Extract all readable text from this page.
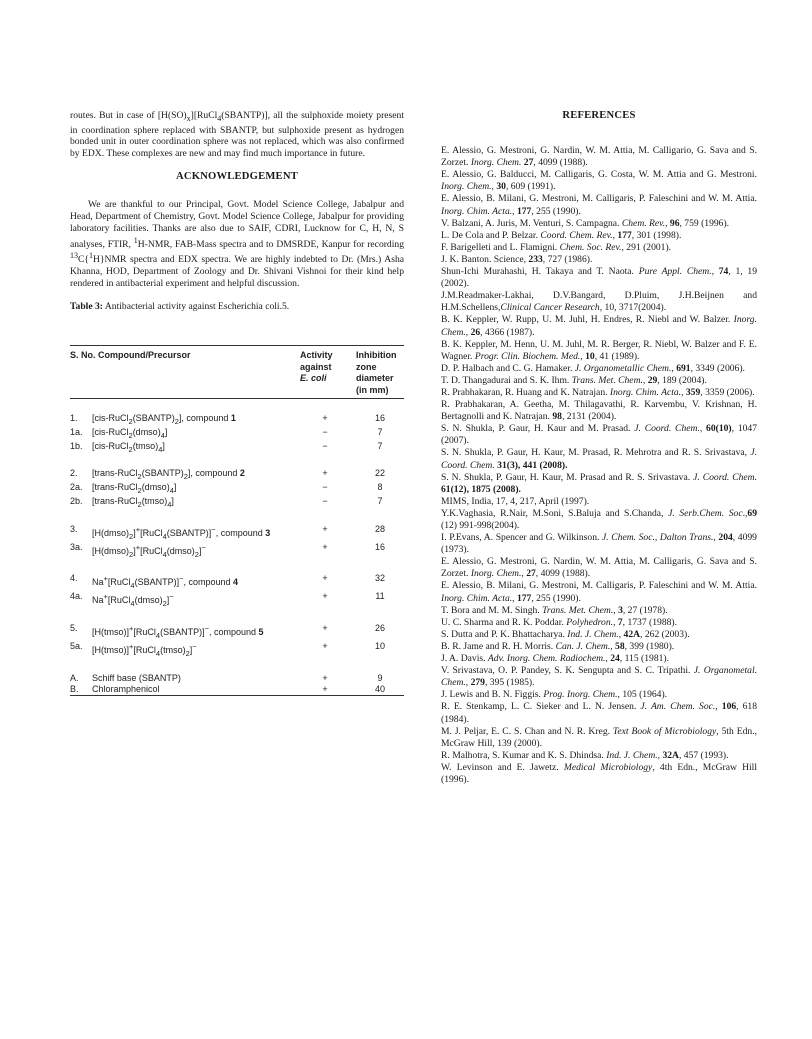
routes. But in case of $[H(SO)_x][RuCl_4(SBANTP)]$, all the sulphoxide moiety present in coordination sphere replaced with SBANTP, but sulphoxide present as hydrogen bonded unit in outer coordination sphere was not replaced, which was also confirmed by EDX. These complexes are new and may find much importance in future.

ACKNOWLEDGEMENT

We are thankful to our Principal, Govt. Model Science College, Jabalpur and Head, Department of Chemistry, Govt. Model Science College, Jabalpur for providing laboratory facilities. Thanks are also due to SAIF, CDRI, Lucknow for C, H, N, S analyses, FTIR, $^1$H-NMR, FAB-Mass spectra and to DMSRDE, Kanpur for recording $^{13}$C{$^1$H}NMR spectra and EDX spectra. We are highly indebted to Dr. (Mrs.) Asha Khanna, HOD, Department of Zoology and Dr. Shivani Vishnoi for their kind help rendered in antibacterial experiment and helpful discussion.

Table 3: Antibacterial activity against Escherichia coli.5.

S. No. Compound/Precursor		Activity
against
E. coli	Inhibition
zone
diameter
(in mm)

1.	$[cis-RuCl_2(SBANTP)_2]$, compound 1	+	16
1a.	$[cis-RuCl_2(dmso)_4]$	−	7
1b.	$[cis-RuCl_2(tmso)_4]$	−	7

2.	$[trans-RuCl_2(SBANTP)_2]$, compound 2	+	22
2a.	$[trans-RuCl_2(dmso)_4]$	−	8
2b.	$[trans-RuCl_2(tmso)_4]$	−	7

3.	$[H(dmso)_2]^+[RuCl_4(SBANTP)]^-$, compound 3	+	28
3a.	$[H(dmso)_2]^+[RuCl_4(dmso)_2]^-$	+	16

4.	Na+[RuCl$_4$(SBANTP)]−, compound 4	+	32
4a.	$Na^+[RuCl_4(dmso)_2]^-$	+	11

5.	[H(tmso)]+[RuCl$_4$(SBANTP)]−, compound 5	+	26
5a.	$[H(tmso)]^+[RuCl_4(tmso)_2]^-$	+	10

A.	Schiff base (SBANTP)	+	9
B.	Chloramphenicol	+	40
REFERENCES
E. Alessio, G. Mestroni, G. Nardin, W. M. Attia, M. Calligario, G. Sava and S. Zorzet. Inorg. Chem. 27, 4099 (1988).
E. Alessio, G. Balducci, M. Calligaris, G. Costa, W. M. Attia and G. Mestroni. Inorg. Chem., 30, 609 (1991).
E. Alessio, B. Milani, G. Mestroni, M. Calligaris, P. Faleschini and W. M. Attia. Inorg. Chim. Acta., 177, 255 (1990).
V. Balzani, A. Juris, M. Venturi, S. Campagna. Chem. Rev., 96, 759 (1996).
L. De Cola and P. Belzar. Coord. Chem. Rev., 177, 301 (1998).
F. Barigelleti and L. Flamigni. Chem. Soc. Rev., 291 (2001).
J. K. Banton. Science, 233, 727 (1986).
Shun-Ichi Murahashi, H. Takaya and T. Naota. Pure Appl. Chem., 74, 1, 19 (2002).
J.M.Readmaker-Lakhai, D.V.Bangard, D.Pluim, J.H.Beijnen and H.M.Schellens,Clinical Cancer Research, 10, 3717(2004).
B. K. Keppler, W. Rupp, U. M. Juhl, H. Endres, R. Niebl and W. Balzer. Inorg. Chem., 26, 4366 (1987).
B. K. Keppler, M. Henn, U. M. Juhl, M. R. Berger, R. Niebl, W. Balzer and F. E. Wagner. Progr. Clin. Biochem. Med., 10, 41 (1989).
D. P. Halbach and C. G. Hamaker. J. Organometallic Chem., 691, 3349 (2006).
T. D. Thangadurai and S. K. Ihm. Trans. Met. Chem., 29, 189 (2004).
R. Prabhakaran, R. Huang and K. Natrajan. Inorg. Chim. Acta., 359, 3359 (2006).
R. Prabhakaran, A. Geetha, M. Thilagavathi, R. Karvembu, V. Krishnan, H. Bertagnolli and K. Natrajan. 98, 2131 (2004).
S. N. Shukla, P. Gaur, H. Kaur and M. Prasad. J. Coord. Chem., 60(10), 1047 (2007).
S. N. Shukla, P. Gaur, H. Kaur, M. Prasad, R. Mehrotra and R. S. Srivastava, J. Coord. Chem. 31(3), 441 (2008).
S. N. Shukla, P. Gaur, H. Kaur, M. Prasad and R. S. Srivastava. J. Coord. Chem. 61(12), 1875 (2008).
MIMS, India, 17, 4, 217, April (1997).
Y.K.Vaghasia, R.Nair, M.Soni, S.Baluja and S.Chanda, J. Serb.Chem. Soc.,69 (12) 991-998(2004).
I. P.Evans, A. Spencer and G. Wilkinson. J. Chem. Soc., Dalton Trans., 204, 4099 (1973).
E. Alessio, G. Mestroni, G. Nardin, W. M. Attia, M. Calligaris, G. Sava and S. Zorzet. Inorg. Chem., 27, 4099 (1988).
E. Alessio, B. Milani, G. Mestroni, M. Calligaris, P. Faleschini and W. M. Attia. Inorg. Chim. Acta., 177, 255 (1990).
T. Bora and M. M. Singh. Trans. Met. Chem., 3, 27 (1978).
U. C. Sharma and R. K. Poddar. Polyhedron., 7, 1737 (1988).
S. Dutta and P. K. Bhattacharya. Ind. J. Chem., 42A, 262 (2003).
B. R. Jame and R. H. Morris. Can. J. Chem., 58, 399 (1980).
J. A. Davis. Adv. Inorg. Chem. Radiochem., 24, 115 (1981).
V. Srivastava, O. P. Pandey, S. K. Sengupta and S. C. Tripathi. J. Organometal. Chem., 279, 395 (1985).
J. Lewis and B. N. Figgis. Prog. Inorg. Chem., 105 (1964).
R. E. Stenkamp, L. C. Sieker and L. N. Jensen. J. Am. Chem. Soc., 106, 618 (1984).
M. J. Peljar, E. C. S. Chan and N. R. Kreg. Text Book of Microbiology, 5th Edn., McGraw Hill, 139 (2000).
R. Malhotra, S. Kumar and K. S. Dhindsa. Ind. J. Chem., 32A, 457 (1993).
W. Levinson and E. Jawetz. Medical Microbiology, 4th Edn., McGraw Hill (1996).
